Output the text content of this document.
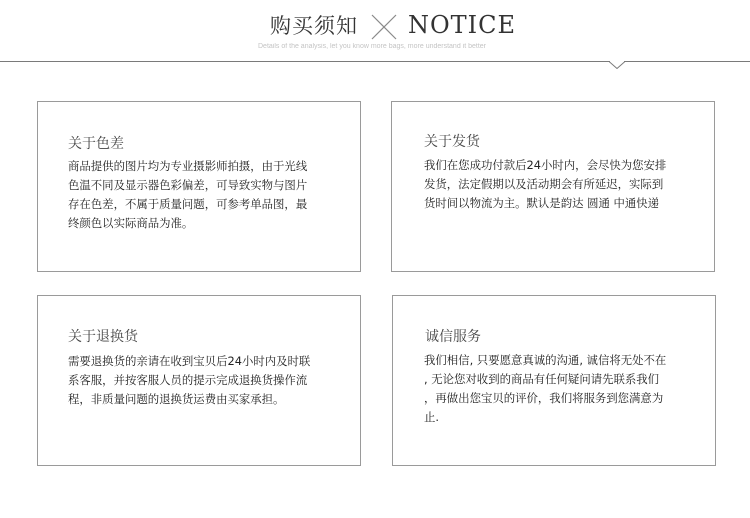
购买须知 NOTICE
Details of the analysis, let you know more bags, more understand it better
关于色差
商品提供的图片均为专业摄影师拍摄，由于光线
色温不同及显示器色彩偏差，可导致实物与图片
存在色差，不属于质量问题，可参考单品图，最
终颜色以实际商品为准。
关于发货
我们在您成功付款后24小时内，会尽快为您安排
发货，法定假期以及活动期会有所延迟，实际到
货时间以物流为主。默认是韵达 圆通 中通快递
关于退换货
需要退换货的亲请在收到宝贝后24小时内及时联
系客服，并按客服人员的提示完成退换货操作流
程，非质量问题的退换货运费由买家承担。
诚信服务
我们相信, 只要愿意真诚的沟通, 诚信将无处不在
, 无论您对收到的商品有任何疑问请先联系我们
，再做出您宝贝的评价，我们将服务到您满意为
止.
